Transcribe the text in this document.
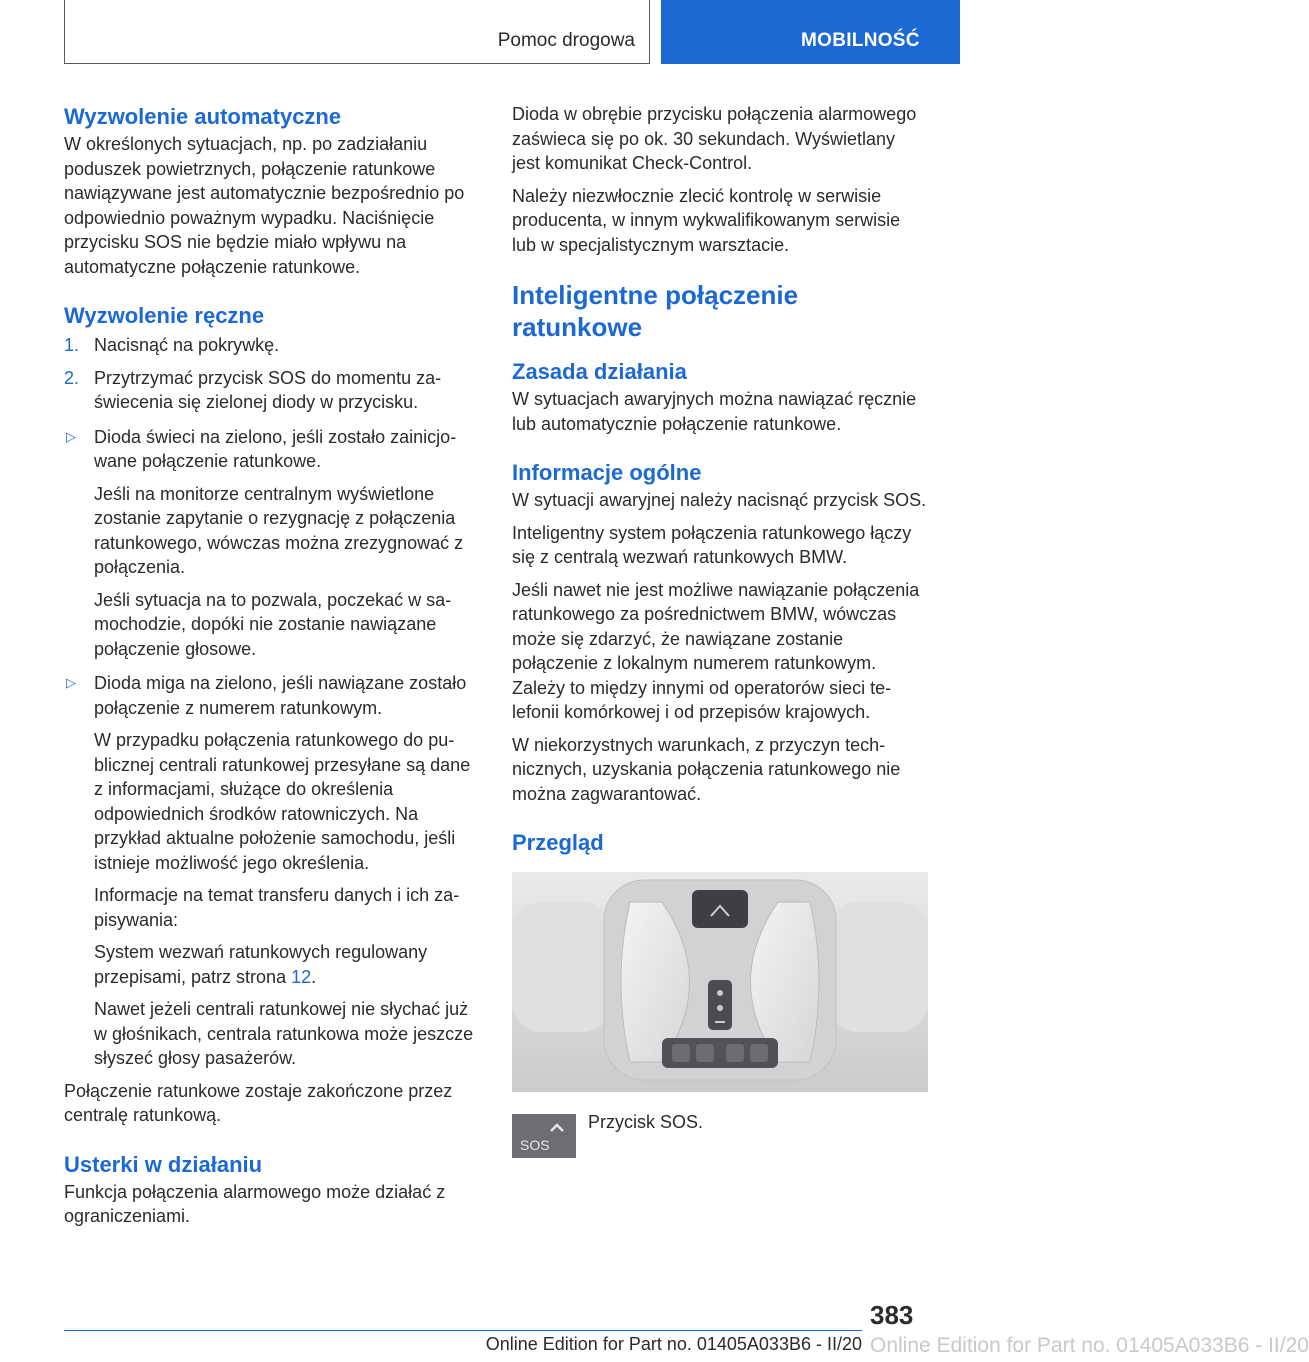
Pomoc drogowa	MOBILNOŚĆ
Wyzwolenie automatyczne
W określonych sytuacjach, np. po zadziałaniu poduszek powietrznych, połączenie ratunkowe nawiązywane jest automatycznie bezpośrednio po odpowiednio poważnym wypadku. Naciśnięcie przycisku SOS nie będzie miało wpływu na automatyczne połączenie ratunkowe.
Wyzwolenie ręczne
1. Nacisnąć na pokrywkę.
2. Przytrzymać przycisk SOS do momentu zaświecenia się zielonej diody w przycisku.
▷ Dioda świeci na zielono, jeśli zostało zainicjowane połączenie ratunkowe.
Jeśli na monitorze centralnym wyświetlone zostanie zapytanie o rezygnację z połączenia ratunkowego, wówczas można zrezygnować z połączenia.
Jeśli sytuacja na to pozwala, poczekać w samochodzie, dopóki nie zostanie nawiązane połączenie głosowe.
▷ Dioda miga na zielono, jeśli nawiązane zostało połączenie z numerem ratunkowym.
W przypadku połączenia ratunkowego do publicznej centrali ratunkowej przesyłane są dane z informacjami, służące do określenia odpowiednich środków ratowniczych. Na przykład aktualne położenie samochodu, jeśli istnieje możliwość jego określenia.
Informacje na temat transferu danych i ich zapisywania:
System wezwań ratunkowych regulowany przepisami, patrz strona 12.
Nawet jeżeli centrali ratunkowej nie słychać już w głośnikach, centrala ratunkowa może jeszcze słyszeć głosy pasażerów.
Połączenie ratunkowe zostaje zakończone przez centralę ratunkową.
Usterki w działaniu
Funkcja połączenia alarmowego może działać z ograniczeniami.
Dioda w obrębie przycisku połączenia alarmowego zaświeca się po ok. 30 sekundach. Wyświetlany jest komunikat Check-Control.
Należy niezwłocznie zlecić kontrolę w serwisie producenta, w innym wykwalifikowanym serwisie lub w specjalistycznym warsztacie.
Inteligentne połączenie ratunkowe
Zasada działania
W sytuacjach awaryjnych można nawiązać ręcznie lub automatycznie połączenie ratunkowe.
Informacje ogólne
W sytuacji awaryjnej należy nacisnąć przycisk SOS.
Inteligentny system połączenia ratunkowego łączy się z centralą wezwań ratunkowych BMW.
Jeśli nawet nie jest możliwe nawiązanie połączenia ratunkowego za pośrednictwem BMW, wówczas może się zdarzyć, że nawiązane zostanie połączenie z lokalnym numerem ratunkowym. Zależy to między innymi od operatorów sieci telefonii komórkowej i od przepisów krajowych.
W niekorzystnych warunkach, z przyczyn technicznych, uzyskania połączenia ratunkowego nie można zagwarantować.
Przegląd
SOS
Przycisk SOS.
383
Online Edition for Part no. 01405A033B6 - II/20 Online Edition for Part no. 01405A033B6 - II/20
